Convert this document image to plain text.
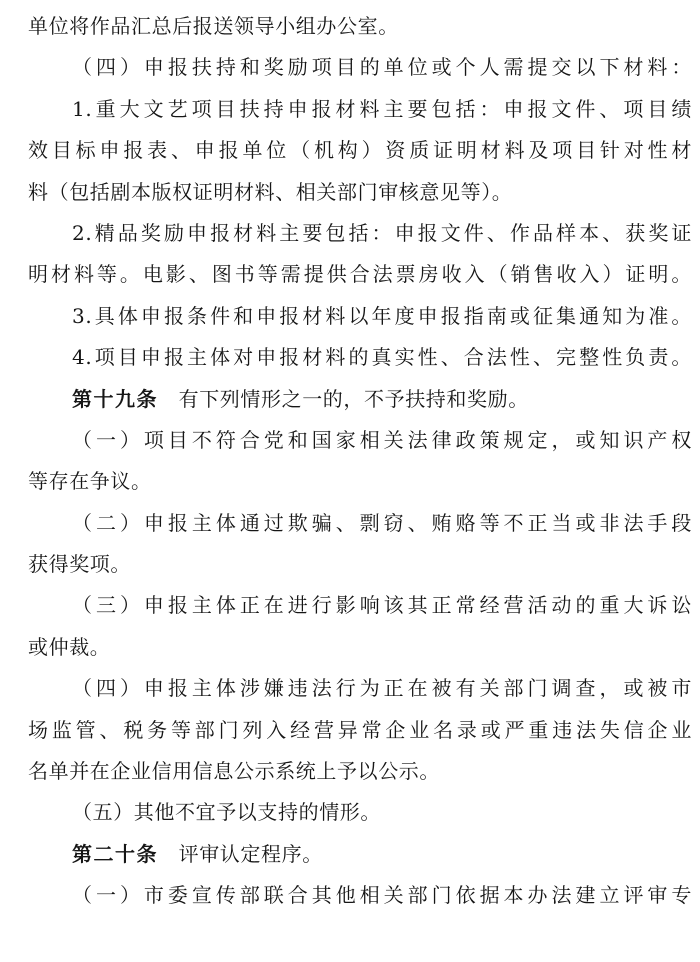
单位将作品汇总后报送领导小组办公室。
（四）申报扶持和奖励项目的单位或个人需提交以下材料：
1.重大文艺项目扶持申报材料主要包括：申报文件、项目绩
效目标申报表、申报单位（机构）资质证明材料及项目针对性材
料（包括剧本版权证明材料、相关部门审核意见等）。
2.精品奖励申报材料主要包括：申报文件、作品样本、获奖证
明材料等。电影、图书等需提供合法票房收入（销售收入）证明。
3.具体申报条件和申报材料以年度申报指南或征集通知为准。
4.项目申报主体对申报材料的真实性、合法性、完整性负责。
第十九条　 有下列情形之一的，不予扶持和奖励。
（一）项目不符合党和国家相关法律政策规定，或知识产权
等存在争议。
（二）申报主体通过欺骗、剽窃、贿赂等不正当或非法手段
获得奖项。
（三）申报主体正在进行影响该其正常经营活动的重大诉讼
或仲裁。
（四）申报主体涉嫌违法行为正在被有关部门调查，或被市
场监管、税务等部门列入经营异常企业名录或严重违法失信企业
名单并在企业信用信息公示系统上予以公示。
（五）其他不宜予以支持的情形。
第二十条　 评审认定程序。
（一）市委宣传部联合其他相关部门依据本办法建立评审专
